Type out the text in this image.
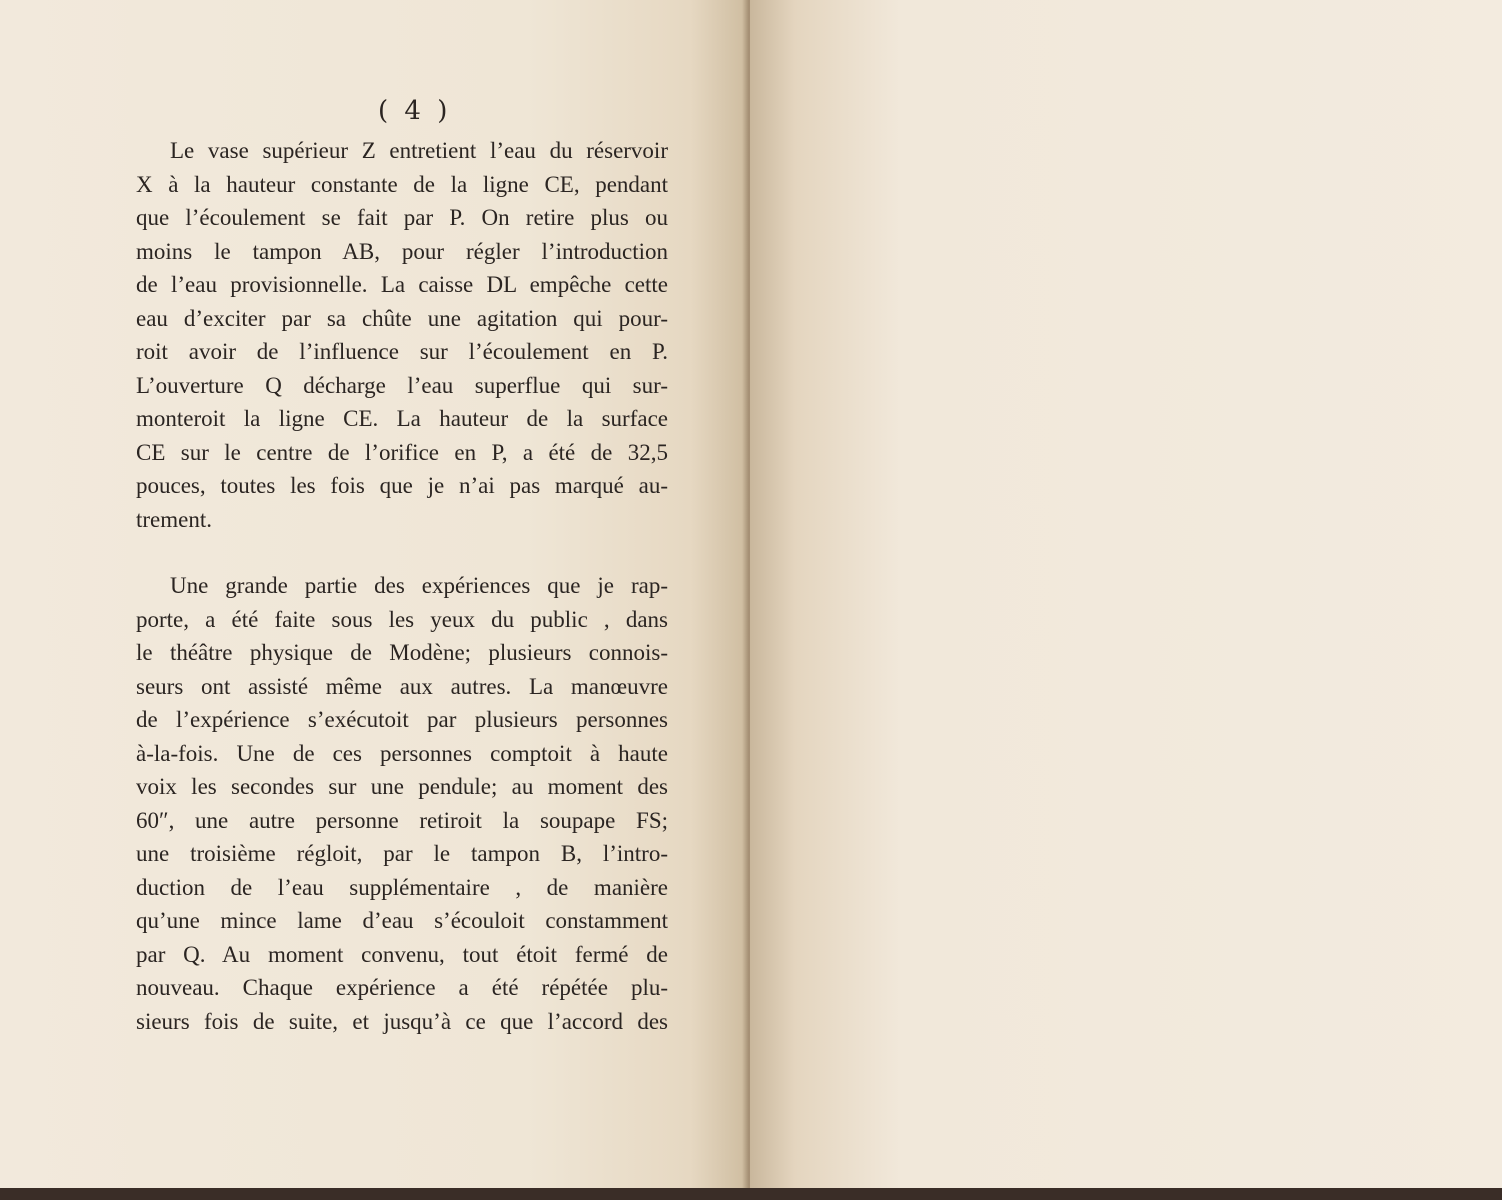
( 4 )
Le vase supérieur Z entretient l’eau du réservoir
X à la hauteur constante de la ligne CE, pendant
que l’écoulement se fait par P. On retire plus ou
moins le tampon AB, pour régler l’introduction
de l’eau provisionnelle. La caisse DL empêche cette
eau d’exciter par sa chûte une agitation qui pour-
roit avoir de l’influence sur l’écoulement en P.
L’ouverture Q décharge l’eau superflue qui sur-
monteroit la ligne CE. La hauteur de la surface
CE sur le centre de l’orifice en P, a été de 32,5
pouces, toutes les fois que je n’ai pas marqué au-
trement.
Une grande partie des expériences que je rap-
porte, a été faite sous les yeux du public , dans
le théâtre physique de Modène; plusieurs connois-
seurs ont assisté même aux autres. La manœuvre
de l’expérience s’exécutoit par plusieurs personnes
à-la-fois. Une de ces personnes comptoit à haute
voix les secondes sur une pendule; au moment des
60″, une autre personne retiroit la soupape FS;
une troisième régloit, par le tampon B, l’intro-
duction de l’eau supplémentaire , de manière
qu’une mince lame d’eau s’écouloit constamment
par Q. Au moment convenu, tout étoit fermé de
nouveau. Chaque expérience a été répétée plu-
sieurs fois de suite, et jusqu’à ce que l’accord des
